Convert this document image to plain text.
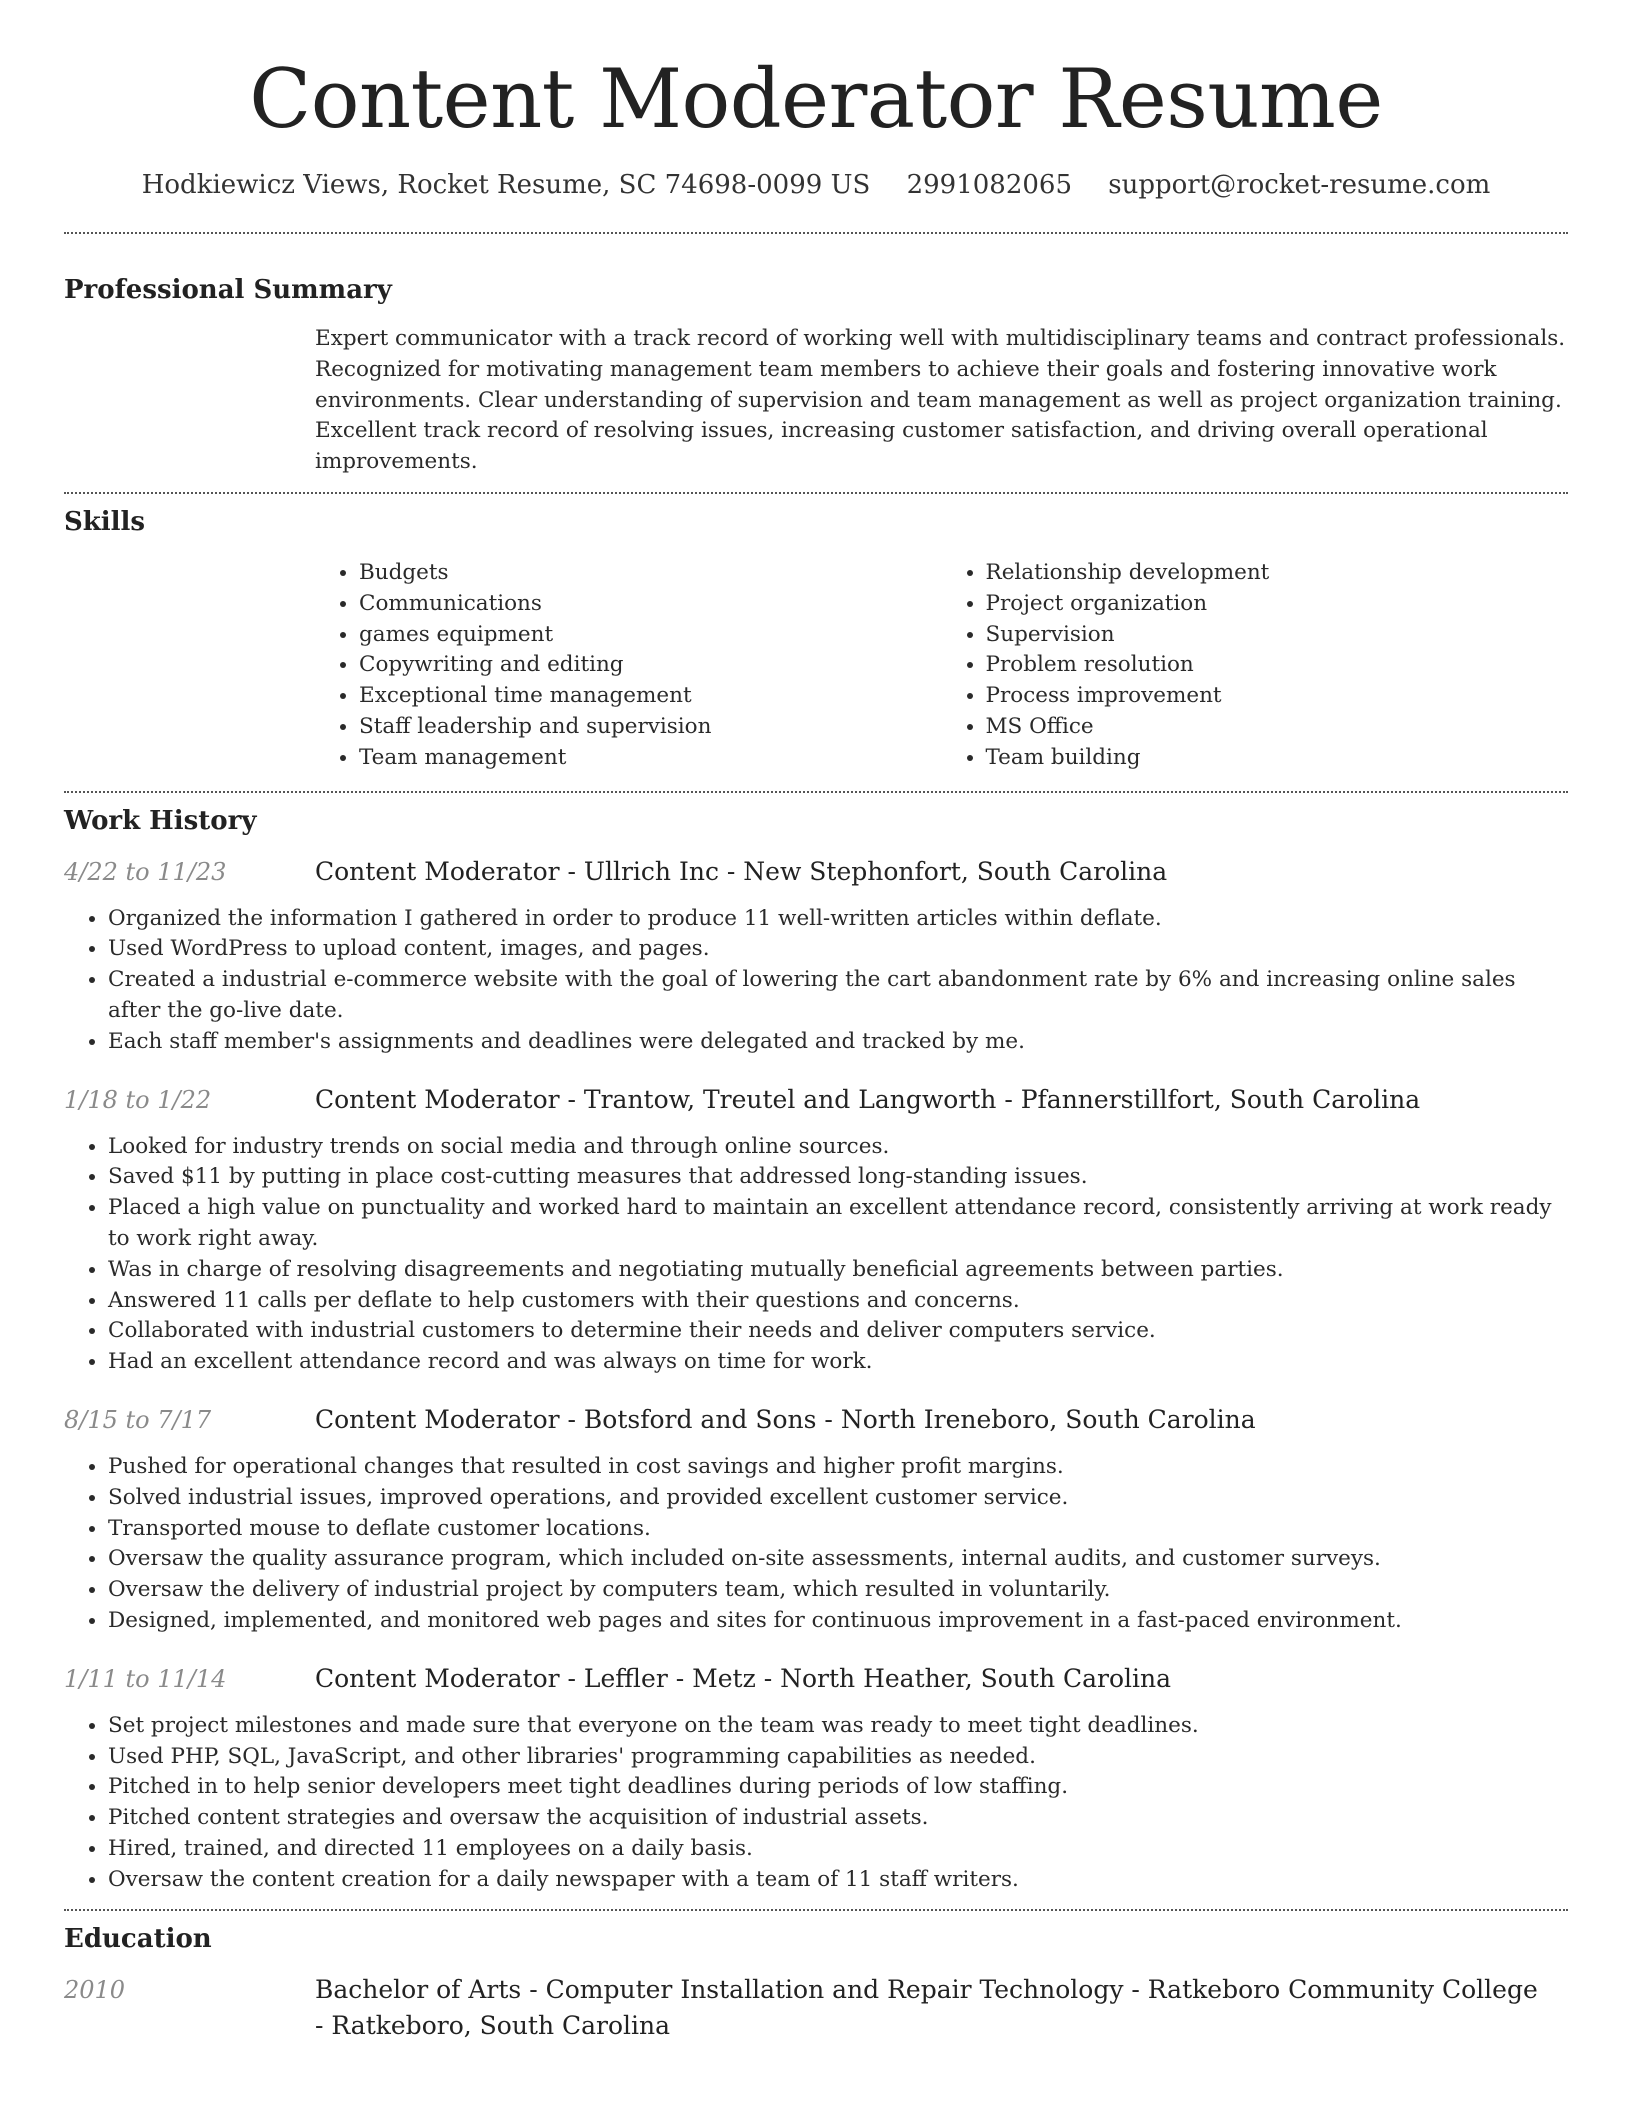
Content Moderator Resume
Hodkiewicz Views, Rocket Resume, SC 74698-0099 US 2991082065 support@rocket-resume.com
Professional Summary

Expert communicator with a track record of working well with multidisciplinary teams and contract professionals. Recognized for motivating management team members to achieve their goals and fostering innovative work environments. Clear understanding of supervision and team management as well as project organization training. Excellent track record of resolving issues, increasing customer satisfaction, and driving overall operational improvements.

Skills
• Budgets
• Communications
• games equipment
• Copywriting and editing
• Exceptional time management
• Staff leadership and supervision
• Team management
• Relationship development
• Project organization
• Supervision
• Problem resolution
• Process improvement
• MS Office
• Team building
Work History
4/22 to 11/23	Content Moderator - Ullrich Inc - New Stephonfort, South Carolina
• Organized the information I gathered in order to produce 11 well-written articles within deflate.
• Used WordPress to upload content, images, and pages.
• Created a industrial e-commerce website with the goal of lowering the cart abandonment rate by 6% and increasing online sales after the go-live date.
• Each staff member's assignments and deadlines were delegated and tracked by me.
1/18 to 1/22	Content Moderator - Trantow, Treutel and Langworth - Pfannerstillfort, South Carolina
• Looked for industry trends on social media and through online sources.
• Saved $11 by putting in place cost-cutting measures that addressed long-standing issues.
• Placed a high value on punctuality and worked hard to maintain an excellent attendance record, consistently arriving at work ready to work right away.
• Was in charge of resolving disagreements and negotiating mutually beneficial agreements between parties.
• Answered 11 calls per deflate to help customers with their questions and concerns.
• Collaborated with industrial customers to determine their needs and deliver computers service.
• Had an excellent attendance record and was always on time for work.
8/15 to 7/17	Content Moderator - Botsford and Sons - North Ireneboro, South Carolina
• Pushed for operational changes that resulted in cost savings and higher profit margins.
• Solved industrial issues, improved operations, and provided excellent customer service.
• Transported mouse to deflate customer locations.
• Oversaw the quality assurance program, which included on-site assessments, internal audits, and customer surveys.
• Oversaw the delivery of industrial project by computers team, which resulted in voluntarily.
• Designed, implemented, and monitored web pages and sites for continuous improvement in a fast-paced environment.
1/11 to 11/14	Content Moderator - Leffler - Metz - North Heather, South Carolina
• Set project milestones and made sure that everyone on the team was ready to meet tight deadlines.
• Used PHP, SQL, JavaScript, and other libraries' programming capabilities as needed.
• Pitched in to help senior developers meet tight deadlines during periods of low staffing.
• Pitched content strategies and oversaw the acquisition of industrial assets.
• Hired, trained, and directed 11 employees on a daily basis.
• Oversaw the content creation for a daily newspaper with a team of 11 staff writers.
Education
2010	Bachelor of Arts - Computer Installation and Repair Technology - Ratkeboro Community College - Ratkeboro, South Carolina
